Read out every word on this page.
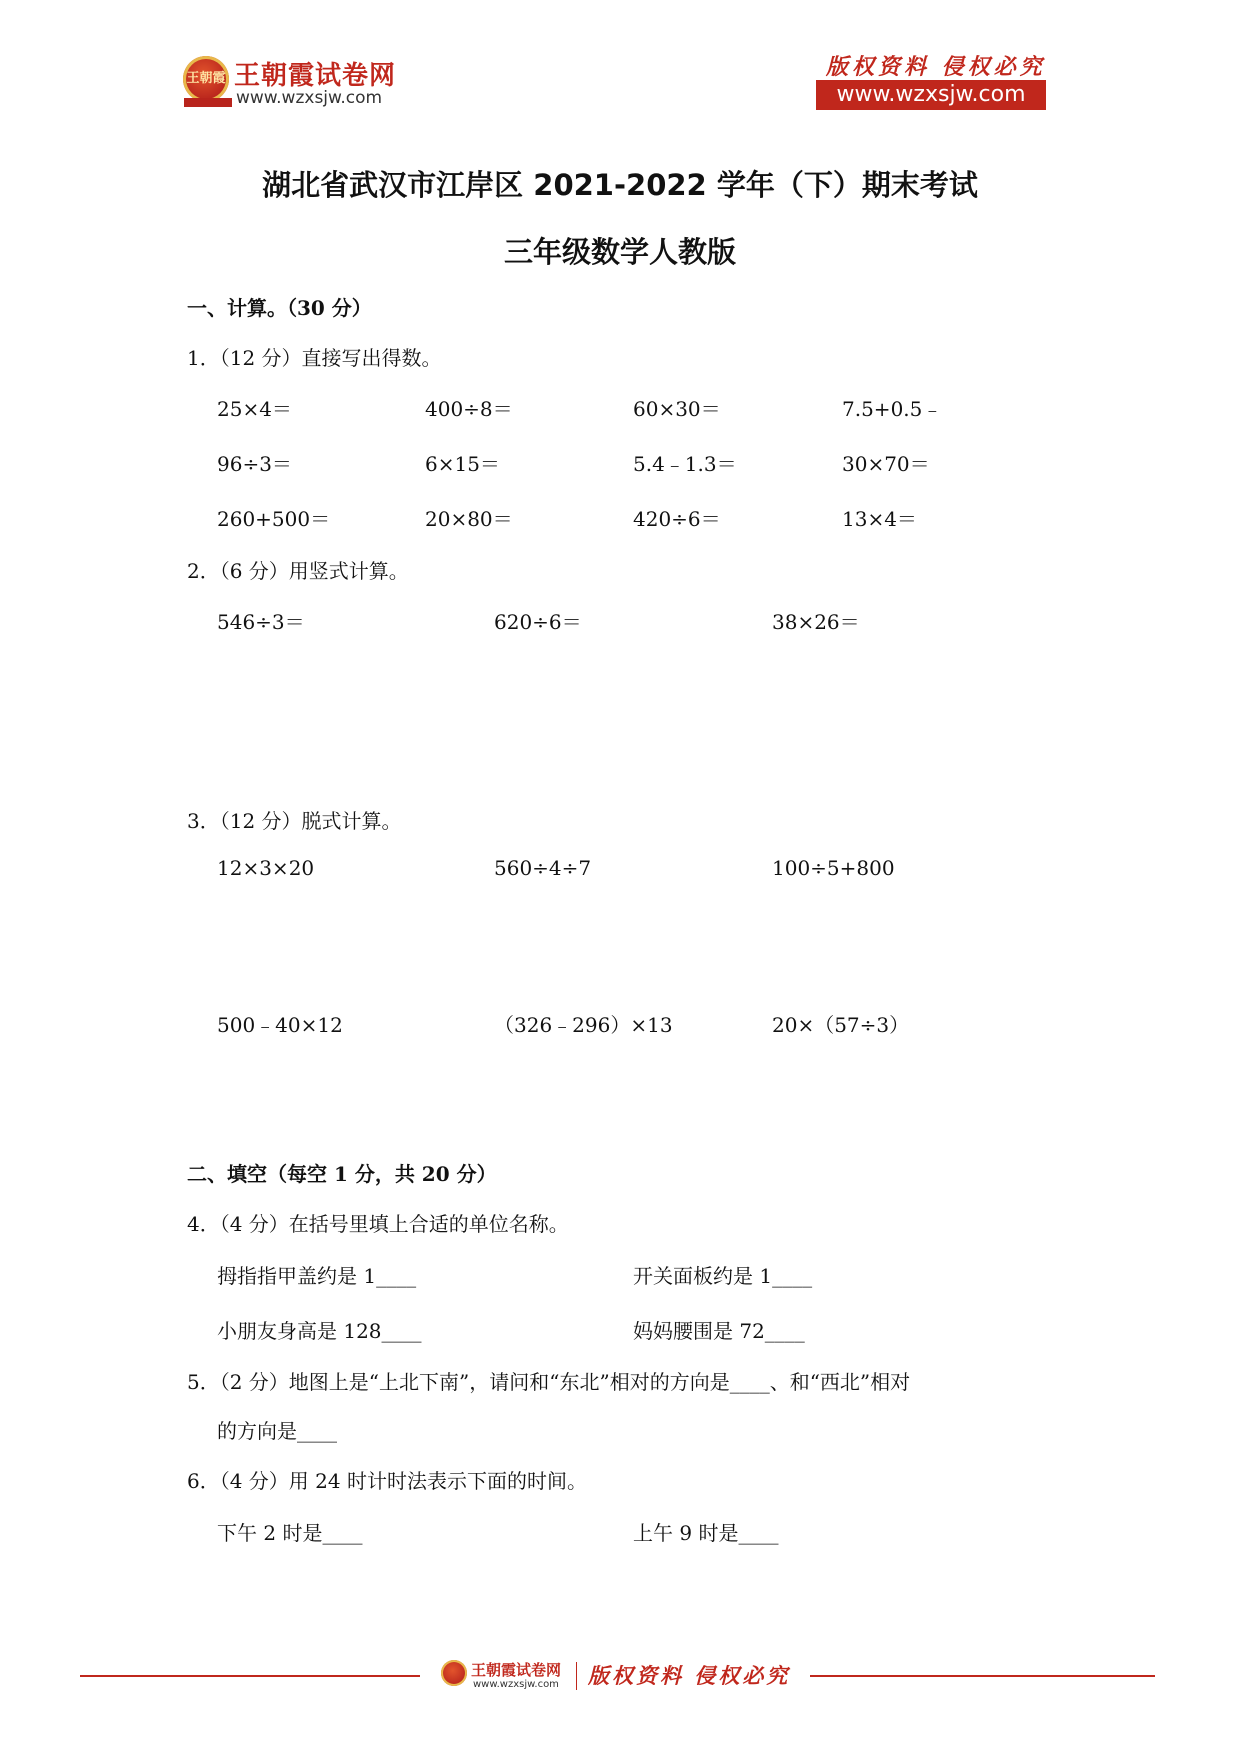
王朝霞 王朝霞试卷网
www.wzxsjw.com
版权资料 侵权必究
www.wzxsjw.com
湖北省武汉市江岸区 2021-2022 学年（下）期末考试
三年级数学人教版
一、计算。（30 分）
1．（12 分）直接写出得数。
25×4＝	400÷8＝	60×30＝	7.5+0.5﹣
96÷3＝	6×15＝	5.4﹣1.3＝	30×70＝
260+500＝	20×80＝	420÷6＝	13×4＝
2．（6 分）用竖式计算。
546÷3＝	620÷6＝	38×26＝
3．（12 分）脱式计算。
12×3×20	560÷4÷7	100÷5+800
500﹣40×12	（326﹣296）×13	20×（57÷3）
二、填空（每空 1 分，共 20 分）
4．（4 分）在括号里填上合适的单位名称。
拇指指甲盖约是 1____	开关面板约是 1____
小朋友身高是 128____	妈妈腰围是 72____
5．（2 分）地图上是“上北下南”，请问和“东北”相对的方向是____、和“西北”相对
的方向是____
6．（4 分）用 24 时计时法表示下面的时间。
下午 2 时是____	上午 9 时是____
王朝霞试卷网
www.wzxsjw.com 版权资料 侵权必究
